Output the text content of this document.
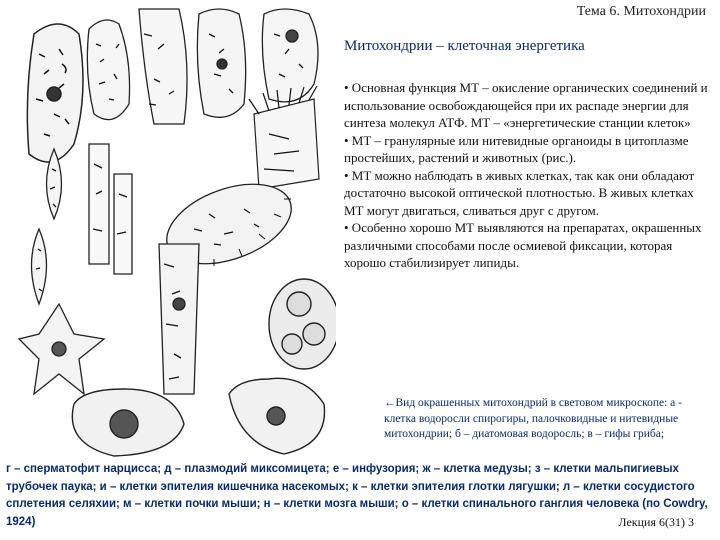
Тема 6. Митохондрии
Митохондрии – клеточная энергетика

• Основная функция МТ – окисление органических соединений и использование освобождающейся при их распаде энергии для синтеза молекул АТФ. МТ – «энергетические станции клеток»

• МТ – гранулярные или нитевидные органоиды в цитоплазме простейших, растений и животных (рис.).

• МТ можно наблюдать в живых клетках, так как они обладают достаточно высокой оптической плотностью. В живых клетках МТ могут двигаться, сливаться друг с другом.

• Особенно хорошо МТ выявляются на препаратах, окрашенных различными способами после осмиевой фиксации, которая хорошо стабилизирует липиды.

←Вид окрашенных митохондрий в световом микроскопе: а - клетка водоросли спирогиры, палочковидные и нитевидные митохондрии; б – диатомовая водоросль; в – гифы гриба;
г – сперматофит нарцисса; д – плазмодий миксомицета; е – инфузория; ж – клетка медузы; з – клетки мальпигиевых трубочек паука; и – клетки эпителия кишечника насекомых; к – клетки эпителия глотки лягушки; л – клетки сосудистого сплетения селяхии; м – клетки почки мыши; н – клетки мозга мыши; о – клетки спинального ганглия человека (по Cowdry, 1924)	Лекция 6(31) 3
